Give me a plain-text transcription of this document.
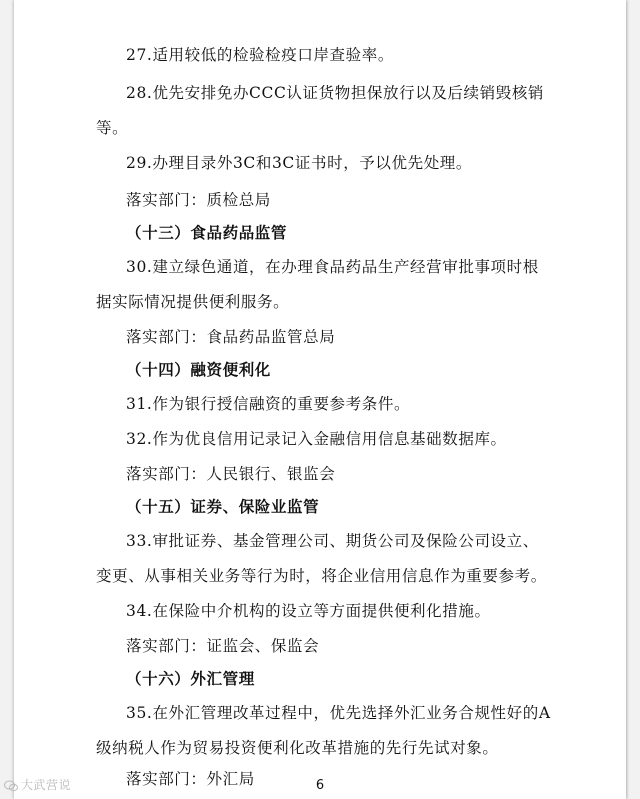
27.适用较低的检验检疫口岸查验率。
28.优先安排免办CCC认证货物担保放行以及后续销毁核销
等。
29.办理目录外3C和3C证书时，予以优先处理。
落实部门：质检总局
（十三）食品药品监管
30.建立绿色通道，在办理食品药品生产经营审批事项时根
据实际情况提供便利服务。
落实部门：食品药品监管总局
（十四）融资便利化
31.作为银行授信融资的重要参考条件。
32.作为优良信用记录记入金融信用信息基础数据库。
落实部门：人民银行、银监会
（十五）证券、保险业监管
33.审批证券、基金管理公司、期货公司及保险公司设立、
变更、从事相关业务等行为时，将企业信用信息作为重要参考。
34.在保险中介机构的设立等方面提供便利化措施。
落实部门：证监会、保监会
（十六）外汇管理
35.在外汇管理改革过程中，优先选择外汇业务合规性好的A
级纳税人作为贸易投资便利化改革措施的先行先试对象。
落实部门：外汇局	6
大武营说
